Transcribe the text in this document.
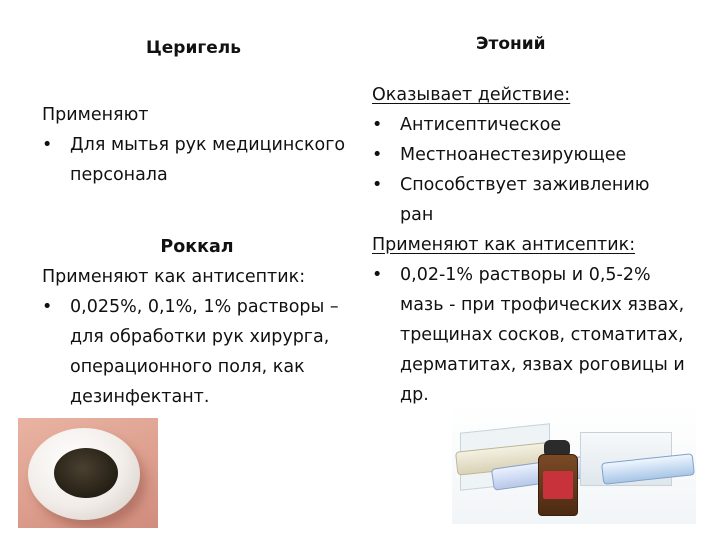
Церигель
Применяют
•	Для мытья рук медицинского персонала
Роккал
Применяют как антисептик:
•	0,025%, 0,1%, 1% растворы – для обработки рук хирурга, операционного поля, как дезинфектант.
Этоний
Оказывает действие:
•	Антисептическое
•	Местноанестезирующее
•	Способствует заживлению ран
Применяют как антисептик:
•	0,02-1% растворы и 0,5-2% мазь - при трофических язвах, трещинах сосков, стоматитах, дерматитах, язвах роговицы и др.
